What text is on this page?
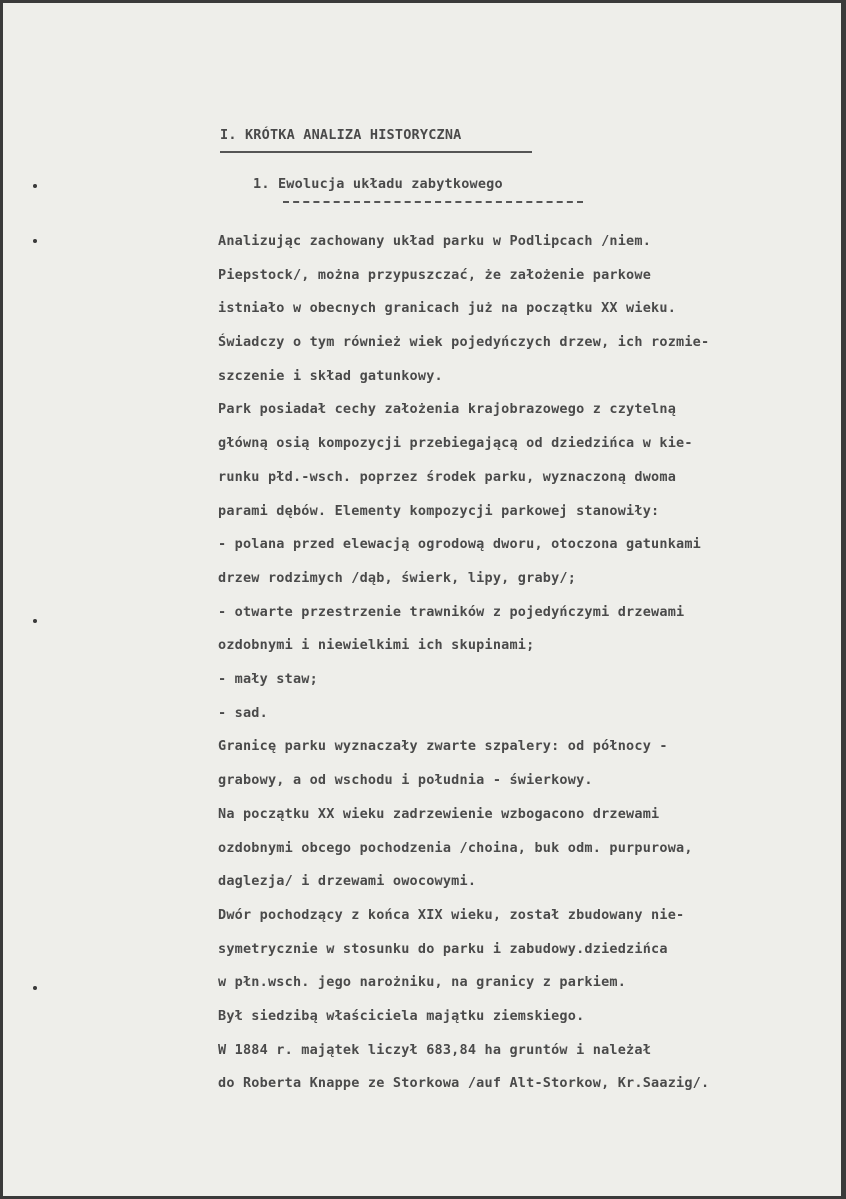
I. KRÓTKA ANALIZA HISTORYCZNA
1. Ewolucja układu zabytkowego
Analizując zachowany układ parku w Podlipcach /niem.
Piepstock/, można przypuszczać, że założenie parkowe
istniało w obecnych granicach już na początku XX wieku.
Świadczy o tym również wiek pojedyńczych drzew, ich rozmie-
szczenie i skład gatunkowy.
Park posiadał cechy założenia krajobrazowego z czytelną
główną osią kompozycji przebiegającą od dziedzińca w kie-
runku płd.-wsch. poprzez środek parku, wyznaczoną dwoma
parami dębów. Elementy kompozycji parkowej stanowiły:
- polana przed elewacją ogrodową dworu, otoczona gatunkami
drzew rodzimych /dąb, świerk, lipy, graby/;
- otwarte przestrzenie trawników z pojedyńczymi drzewami
ozdobnymi i niewielkimi ich skupinami;
- mały staw;
- sad.
Granicę parku wyznaczały zwarte szpalery: od północy -
grabowy, a od wschodu i południa - świerkowy.
Na początku XX wieku zadrzewienie wzbogacono drzewami
ozdobnymi obcego pochodzenia /choina, buk odm. purpurowa,
daglezja/ i drzewami owocowymi.
Dwór pochodzący z końca XIX wieku, został zbudowany nie-
symetrycznie w stosunku do parku i zabudowy.dziedzińca
w płn.wsch. jego narożniku, na granicy z parkiem.
Był siedzibą właściciela majątku ziemskiego.
W 1884 r. majątek liczył 683,84 ha gruntów i należał
do Roberta Knappe ze Storkowa /auf Alt-Storkow, Kr.Saazig/.
